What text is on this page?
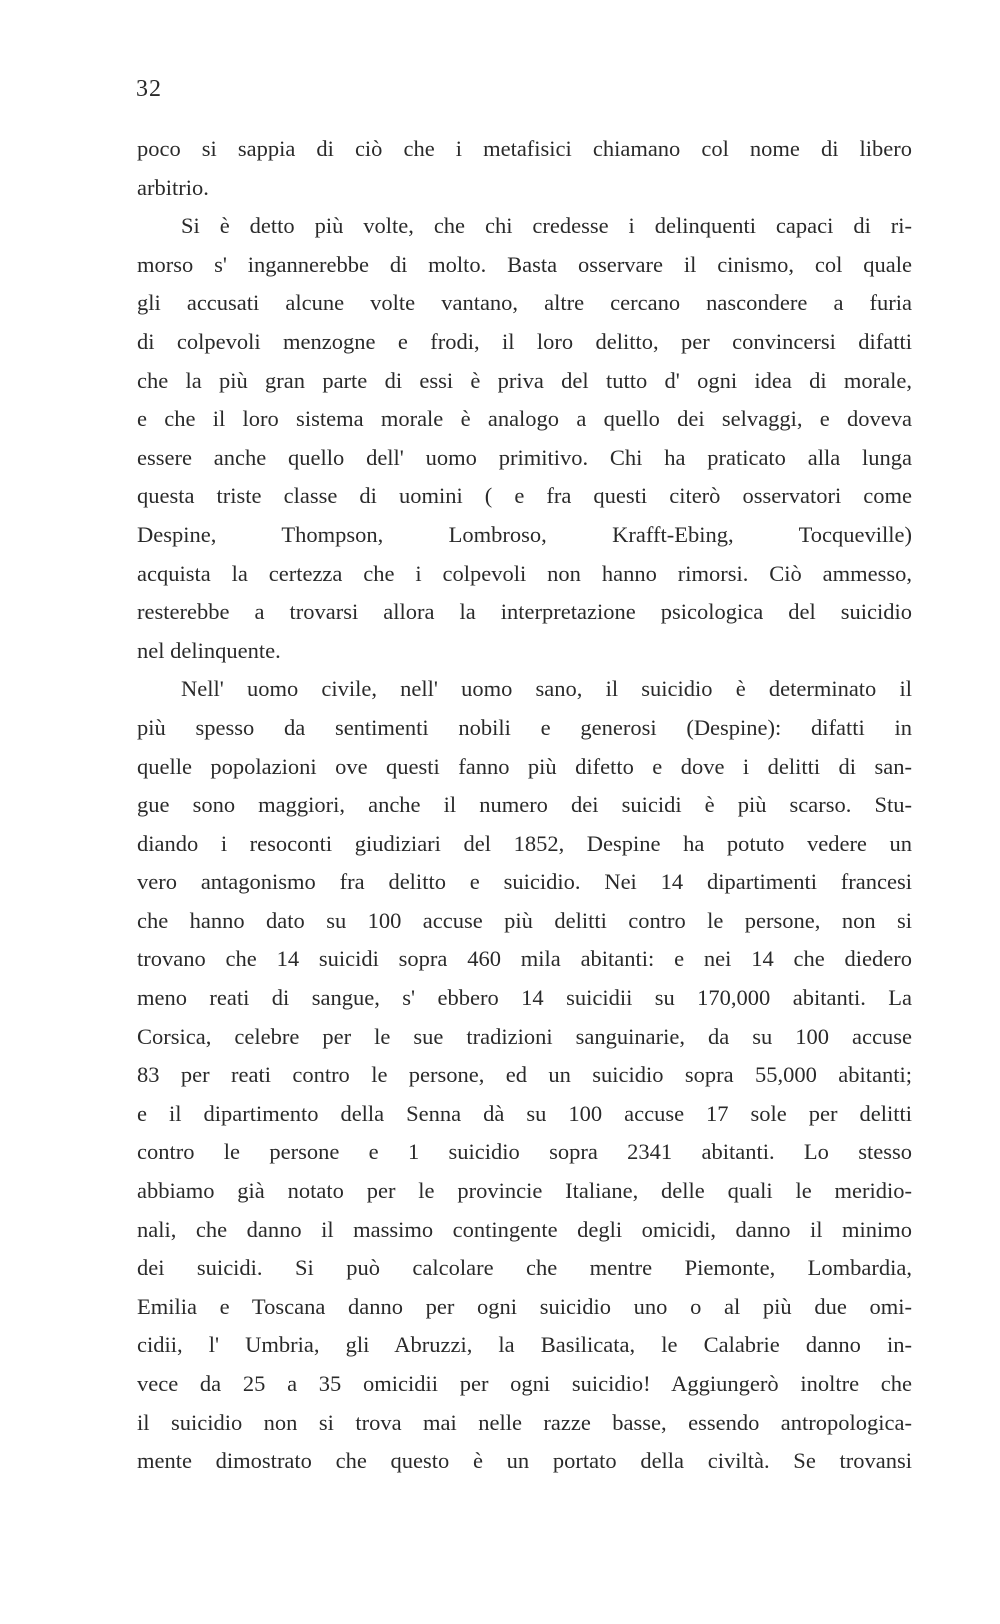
32
poco si sappia di ciò che i metafisici chiamano col nome di libero
arbitrio.
Si è detto più volte, che chi credesse i delinquenti capaci di ri-
morso s' ingannerebbe di molto. Basta osservare il cinismo, col quale
gli accusati alcune volte vantano, altre cercano nascondere a furia
di colpevoli menzogne e frodi, il loro delitto, per convincersi difatti
che la più gran parte di essi è priva del tutto d' ogni idea di morale,
e che il loro sistema morale è analogo a quello dei selvaggi, e doveva
essere anche quello dell' uomo primitivo. Chi ha praticato alla lunga
questa triste classe di uomini ( e fra questi citerò osservatori come
Despine, Thompson, Lombroso, Krafft-Ebing, Tocqueville)
acquista la certezza che i colpevoli non hanno rimorsi. Ciò ammesso,
resterebbe a trovarsi allora la interpretazione psicologica del suicidio
nel delinquente.
Nell' uomo civile, nell' uomo sano, il suicidio è determinato il
più spesso da sentimenti nobili e generosi (Despine): difatti in
quelle popolazioni ove questi fanno più difetto e dove i delitti di san-
gue sono maggiori, anche il numero dei suicidi è più scarso. Stu-
diando i resoconti giudiziari del 1852, Despine ha potuto vedere un
vero antagonismo fra delitto e suicidio. Nei 14 dipartimenti francesi
che hanno dato su 100 accuse più delitti contro le persone, non si
trovano che 14 suicidi sopra 460 mila abitanti: e nei 14 che diedero
meno reati di sangue, s' ebbero 14 suicidii su 170,000 abitanti. La
Corsica, celebre per le sue tradizioni sanguinarie, da su 100 accuse
83 per reati contro le persone, ed un suicidio sopra 55,000 abitanti;
e il dipartimento della Senna dà su 100 accuse 17 sole per delitti
contro le persone e 1 suicidio sopra 2341 abitanti. Lo stesso
abbiamo già notato per le provincie Italiane, delle quali le meridio-
nali, che danno il massimo contingente degli omicidi, danno il minimo
dei suicidi. Si può calcolare che mentre Piemonte, Lombardia,
Emilia e Toscana danno per ogni suicidio uno o al più due omi-
cidii, l' Umbria, gli Abruzzi, la Basilicata, le Calabrie danno in-
vece da 25 a 35 omicidii per ogni suicidio! Aggiungerò inoltre che
il suicidio non si trova mai nelle razze basse, essendo antropologica-
mente dimostrato che questo è un portato della civiltà. Se trovansi
